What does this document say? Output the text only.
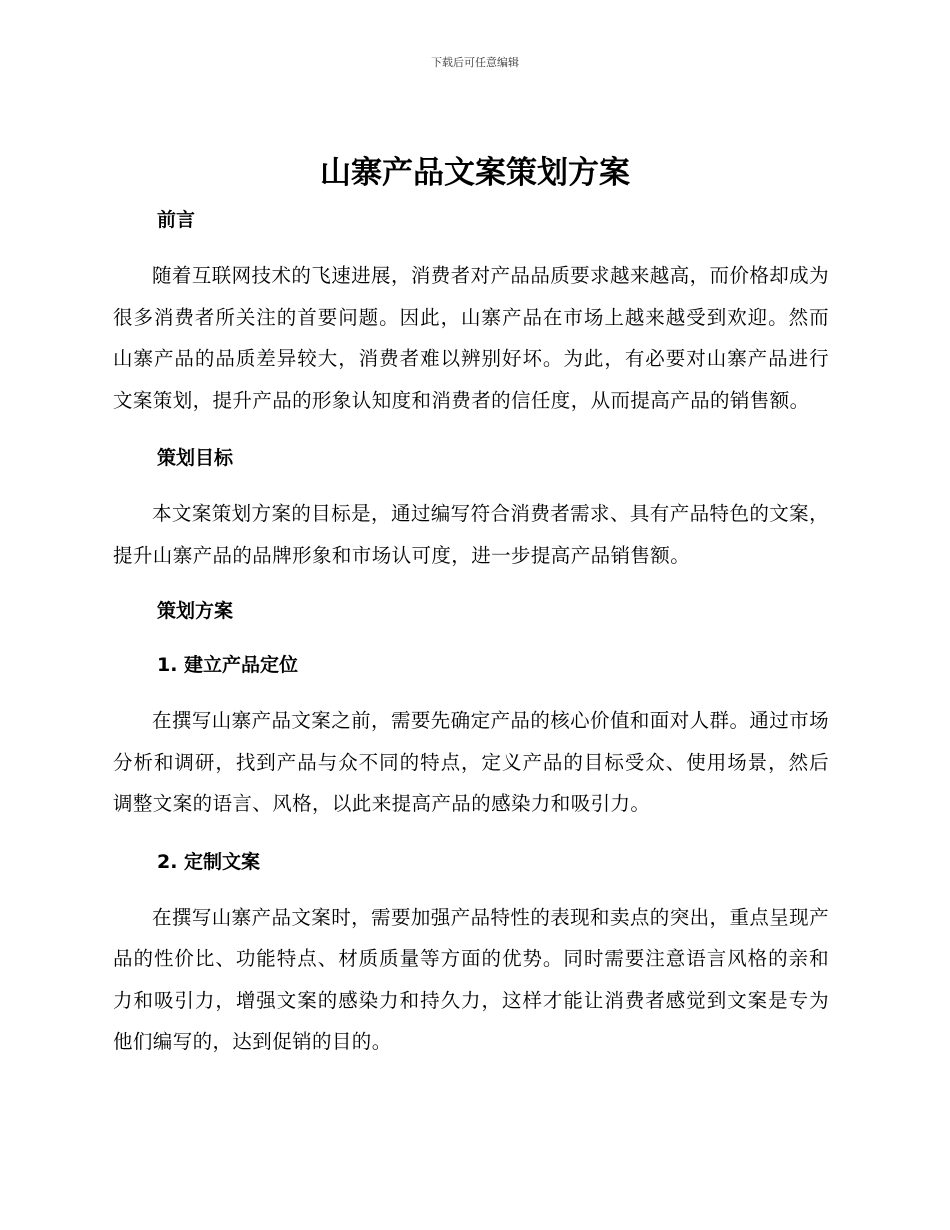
下载后可任意编辑
山寨产品文案策划方案
前言

随着互联网技术的飞速进展，消费者对产品品质要求越来越高，而价格却成为很多消费者所关注的首要问题。因此，山寨产品在市场上越来越受到欢迎。然而山寨产品的品质差异较大，消费者难以辨别好坏。为此，有必要对山寨产品进行文案策划，提升产品的形象认知度和消费者的信任度，从而提高产品的销售额。

策划目标

本文案策划方案的目标是，通过编写符合消费者需求、具有产品特色的文案，提升山寨产品的品牌形象和市场认可度，进一步提高产品销售额。

策划方案
1. 建立产品定位

在撰写山寨产品文案之前，需要先确定产品的核心价值和面对人群。通过市场分析和调研，找到产品与众不同的特点，定义产品的目标受众、使用场景，然后调整文案的语言、风格，以此来提高产品的感染力和吸引力。

2. 定制文案

在撰写山寨产品文案时，需要加强产品特性的表现和卖点的突出，重点呈现产品的性价比、功能特点、材质质量等方面的优势。同时需要注意语言风格的亲和力和吸引力，增强文案的感染力和持久力，这样才能让消费者感觉到文案是专为他们编写的，达到促销的目的。
